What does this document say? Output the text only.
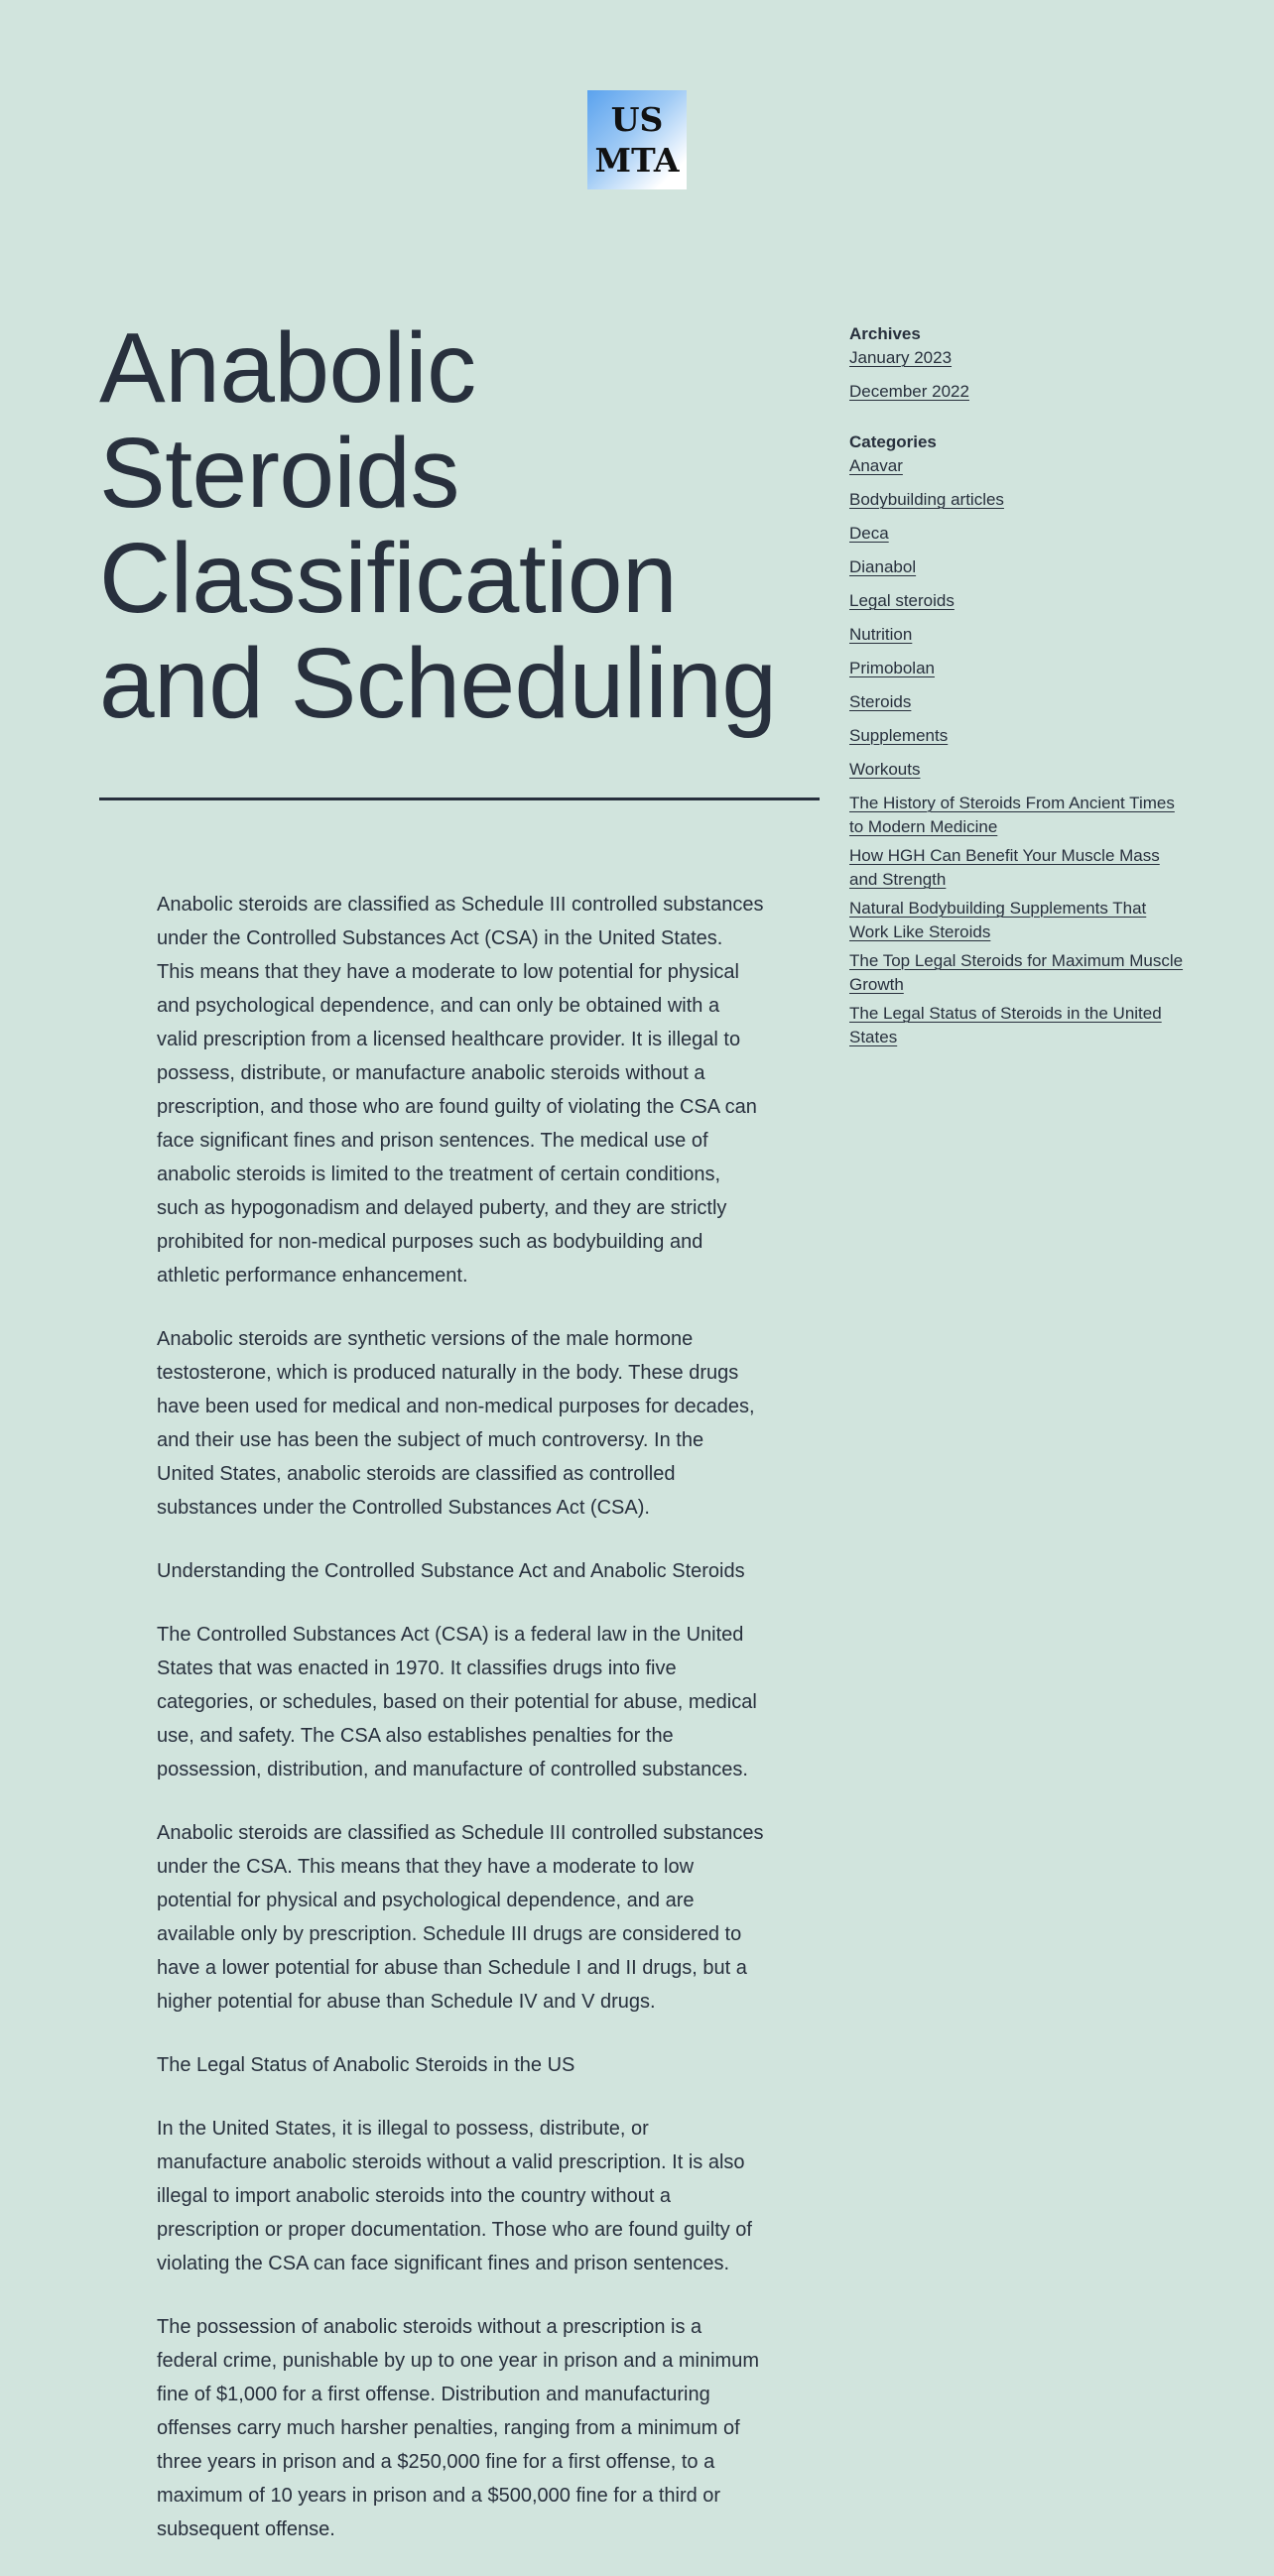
US
MTA
Anabolic Steroids Classification and Scheduling

Anabolic steroids are classified as Schedule III controlled substances under the Controlled Substances Act (CSA) in the United States. This means that they have a moderate to low potential for physical and psychological dependence, and can only be obtained with a valid prescription from a licensed healthcare provider. It is illegal to possess, distribute, or manufacture anabolic steroids without a prescription, and those who are found guilty of violating the CSA can face significant fines and prison sentences. The medical use of anabolic steroids is limited to the treatment of certain conditions, such as hypogonadism and delayed puberty, and they are strictly prohibited for non-medical purposes such as bodybuilding and athletic performance enhancement.

Anabolic steroids are synthetic versions of the male hormone testosterone, which is produced naturally in the body. These drugs have been used for medical and non-medical purposes for decades, and their use has been the subject of much controversy. In the United States, anabolic steroids are classified as controlled substances under the Controlled Substances Act (CSA).

Understanding the Controlled Substance Act and Anabolic Steroids

The Controlled Substances Act (CSA) is a federal law in the United States that was enacted in 1970. It classifies drugs into five categories, or schedules, based on their potential for abuse, medical use, and safety. The CSA also establishes penalties for the possession, distribution, and manufacture of controlled substances.

Anabolic steroids are classified as Schedule III controlled substances under the CSA. This means that they have a moderate to low potential for physical and psychological dependence, and are available only by prescription. Schedule III drugs are considered to have a lower potential for abuse than Schedule I and II drugs, but a higher potential for abuse than Schedule IV and V drugs.

The Legal Status of Anabolic Steroids in the US

In the United States, it is illegal to possess, distribute, or manufacture anabolic steroids without a valid prescription. It is also illegal to import anabolic steroids into the country without a prescription or proper documentation. Those who are found guilty of violating the CSA can face significant fines and prison sentences.

The possession of anabolic steroids without a prescription is a federal crime, punishable by up to one year in prison and a minimum fine of $1,000 for a first offense. Distribution and manufacturing offenses carry much harsher penalties, ranging from a minimum of three years in prison and a $250,000 fine for a first offense, to a maximum of 10 years in prison and a $500,000 fine for a third or subsequent offense.

Archives
January 2023
December 2022
Categories
Anavar
Bodybuilding articles
Deca
Dianabol
Legal steroids
Nutrition
Primobolan
Steroids
Supplements
Workouts
The History of Steroids From Ancient Times to Modern Medicine
How HGH Can Benefit Your Muscle Mass and Strength
Natural Bodybuilding Supplements That Work Like Steroids
The Top Legal Steroids for Maximum Muscle Growth
The Legal Status of Steroids in the United States
